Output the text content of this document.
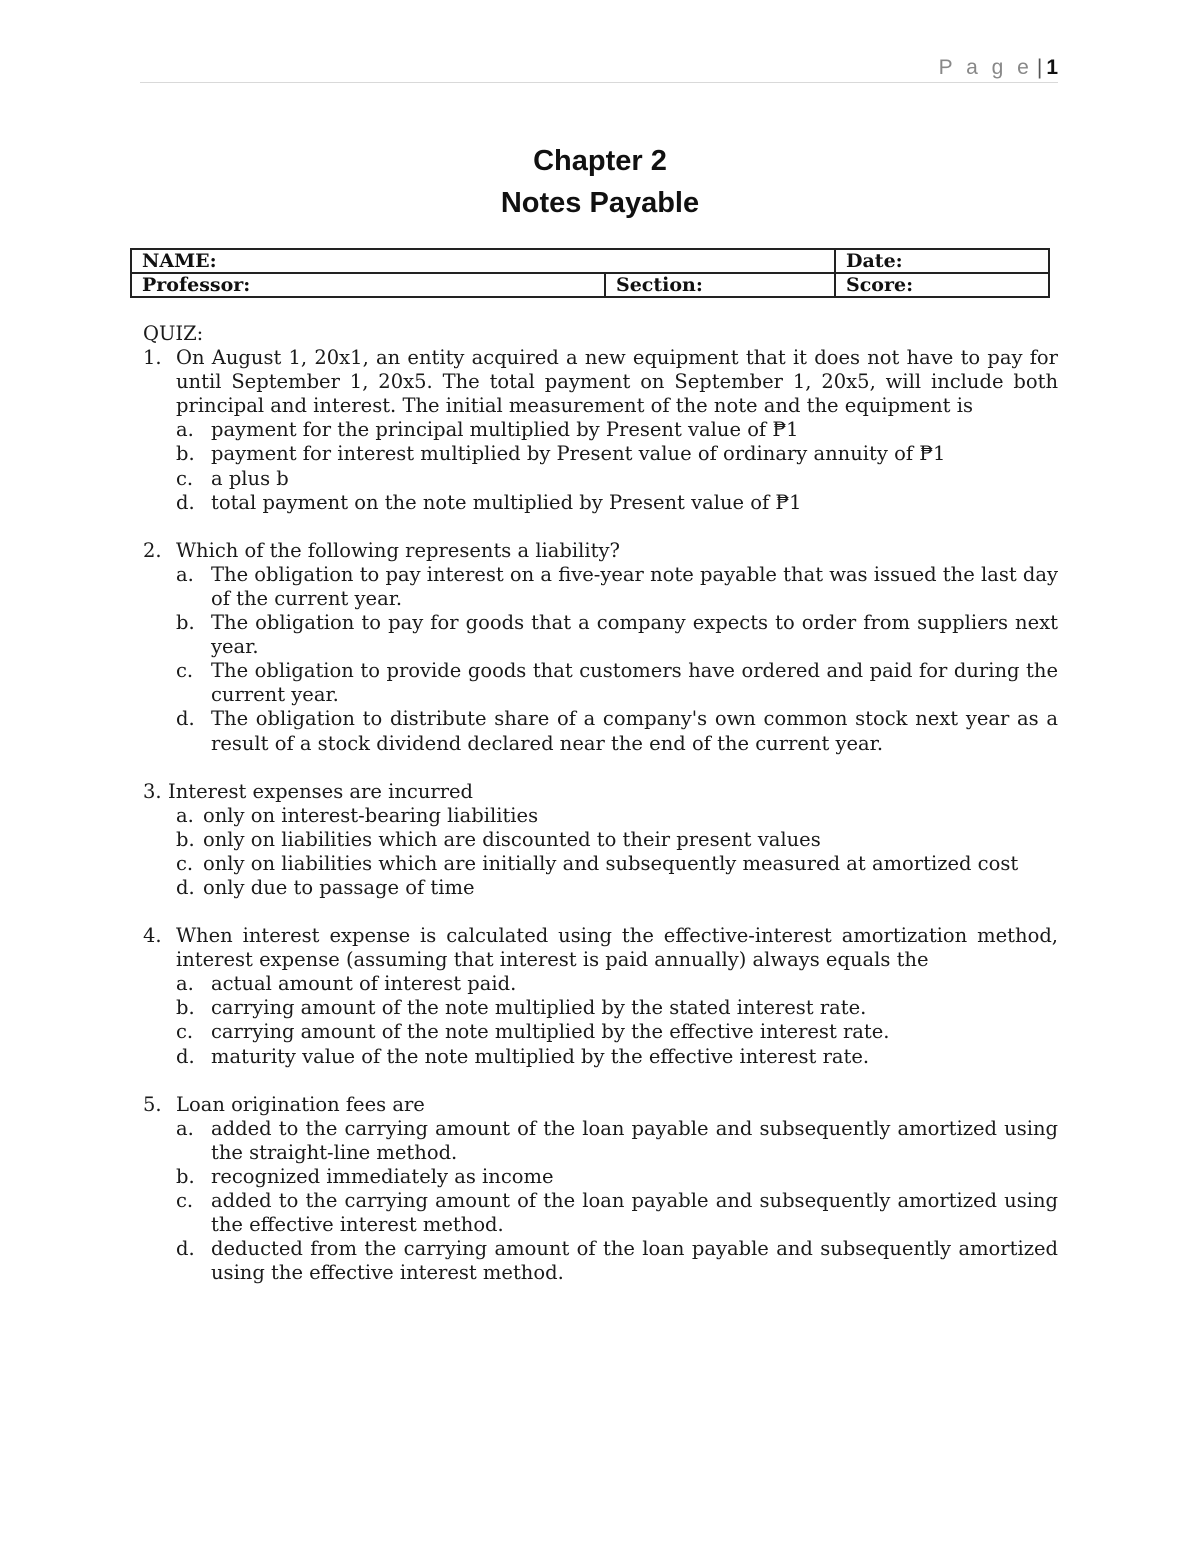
P a g e | 1
Chapter 2
Notes Payable
NAME:		Date:
Professor:	Section:	Score:

QUIZ:

1. On August 1, 20x1, an entity acquired a new equipment that it does not have to pay for until September 1, 20x5. The total payment on September 1, 20x5, will include both principal and interest. The initial measurement of the note and the equipment is
a. payment for the principal multiplied by Present value of ₱1
b. payment for interest multiplied by Present value of ordinary annuity of ₱1
c. a plus b
d. total payment on the note multiplied by Present value of ₱1
2. Which of the following represents a liability?
a. The obligation to pay interest on a five-year note payable that was issued the last day of the current year.
b. The obligation to pay for goods that a company expects to order from suppliers next year.
c. The obligation to provide goods that customers have ordered and paid for during the current year.
d. The obligation to distribute share of a company's own common stock next year as a result of a stock dividend declared near the end of the current year.
3. Interest expenses are incurred
a. only on interest-bearing liabilities
b. only on liabilities which are discounted to their present values
c. only on liabilities which are initially and subsequently measured at amortized cost
d. only due to passage of time
4. When interest expense is calculated using the effective-interest amortization method, interest expense (assuming that interest is paid annually) always equals the
a. actual amount of interest paid.
b. carrying amount of the note multiplied by the stated interest rate.
c. carrying amount of the note multiplied by the effective interest rate.
d. maturity value of the note multiplied by the effective interest rate.
5. Loan origination fees are
a. added to the carrying amount of the loan payable and subsequently amortized using the straight-line method.
b. recognized immediately as income
c. added to the carrying amount of the loan payable and subsequently amortized using the effective interest method.
d. deducted from the carrying amount of the loan payable and subsequently amortized using the effective interest method.
